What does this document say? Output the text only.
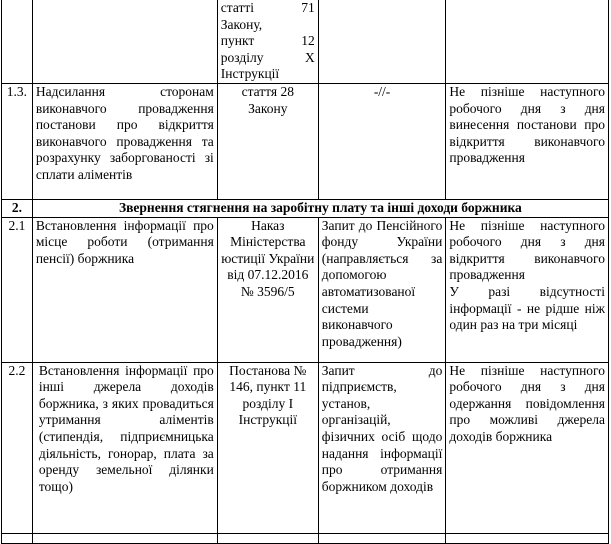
		статті 71
Закону,
пункт 12
розділу X
Інструкції		

1.3.	Надсилання сторонам виконавчого провадження постанови про відкриття виконавчого провадження та розрахунку заборгованості зі сплати аліментів	стаття 28 Закону	-//-	Не пізніше наступного робочого дня з дня винесення постанови про відкриття виконавчого провадження
2.	Звернення стягнення на заробітну плату та інші доходи боржника			
2.1	Встановлення інформації про місце роботи (отримання пенсії) боржника	Наказ Міністерства юстиції України від 07.12.2016 № 3596/5	Запит до Пенсійного фонду України (направляється за допомогою автоматизованої системи виконавчого провадження)	Не пізніше наступного робочого дня з дня відкриття виконавчого провадження
У разі відсутності інформації - не рідше ніж один раз на три місяці

2.2	Встановлення інформації про інші джерела доходів боржника, з яких провадиться утримання аліментів (стипендія, підприємницька діяльність, гонорар, плата за оренду земельної ділянки тощо)	Постанова № 146, пункт 11 розділу І Інструкції	Запит до підприємств, установ, організацій, фізичних осіб щодо надання інформації про отримання боржником доходів	Не пізніше наступного робочого дня з дня одержання повідомлення про можливі джерела доходів боржника
